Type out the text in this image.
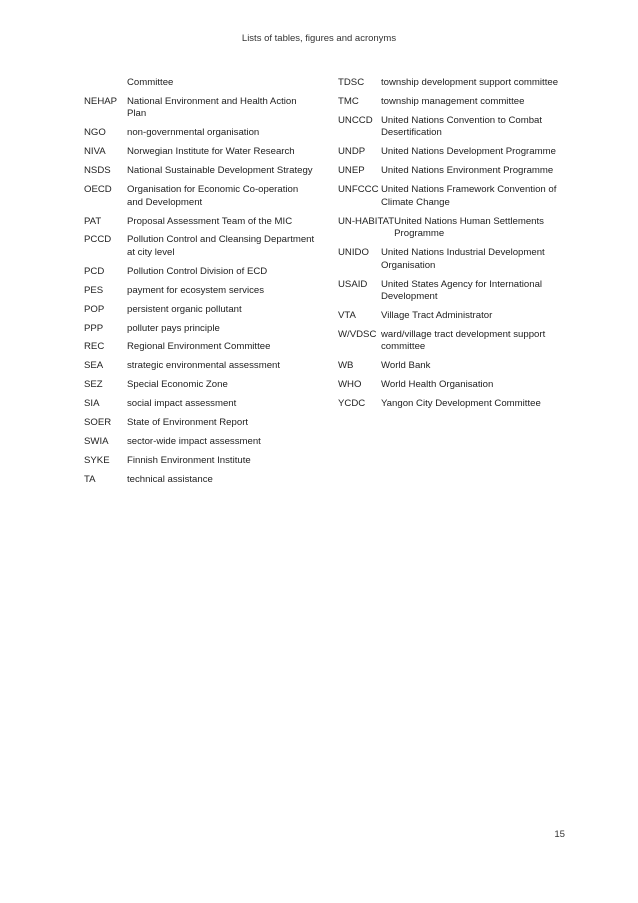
Lists of tables, figures and acronyms
Committee
NEHAP	National Environment and Health Action Plan
NGO	non-governmental organisation
NIVA	Norwegian Institute for Water Research
NSDS	National Sustainable Development Strategy
OECD	Organisation for Economic Co-operation and Development
PAT	Proposal Assessment Team of the MIC
PCCD	Pollution Control and Cleansing Department at city level
PCD	Pollution Control Division of ECD
PES	payment for ecosystem services
POP	persistent organic pollutant
PPP	polluter pays principle
REC	Regional Environment Committee
SEA	strategic environmental assessment
SEZ	Special Economic Zone
SIA	social impact assessment
SOER	State of Environment Report
SWIA	sector-wide impact assessment
SYKE	Finnish Environment Institute
TA	technical assistance
TDSC	township development support committee
TMC	township management committee
UNCCD United Nations Convention to Combat Desertification
UNDP	United Nations Development Programme
UNEP	United Nations Environment Programme
UNFCCC United Nations Framework Convention of Climate Change
UN-HABITAT United Nations Human Settlements Programme
UNIDO	United Nations Industrial Development Organisation
USAID	United States Agency for International Development
VTA	Village Tract Administrator
W/VDSC ward/village tract development support committee
WB	World Bank
WHO	World Health Organisation
YCDC	Yangon City Development Committee
15
